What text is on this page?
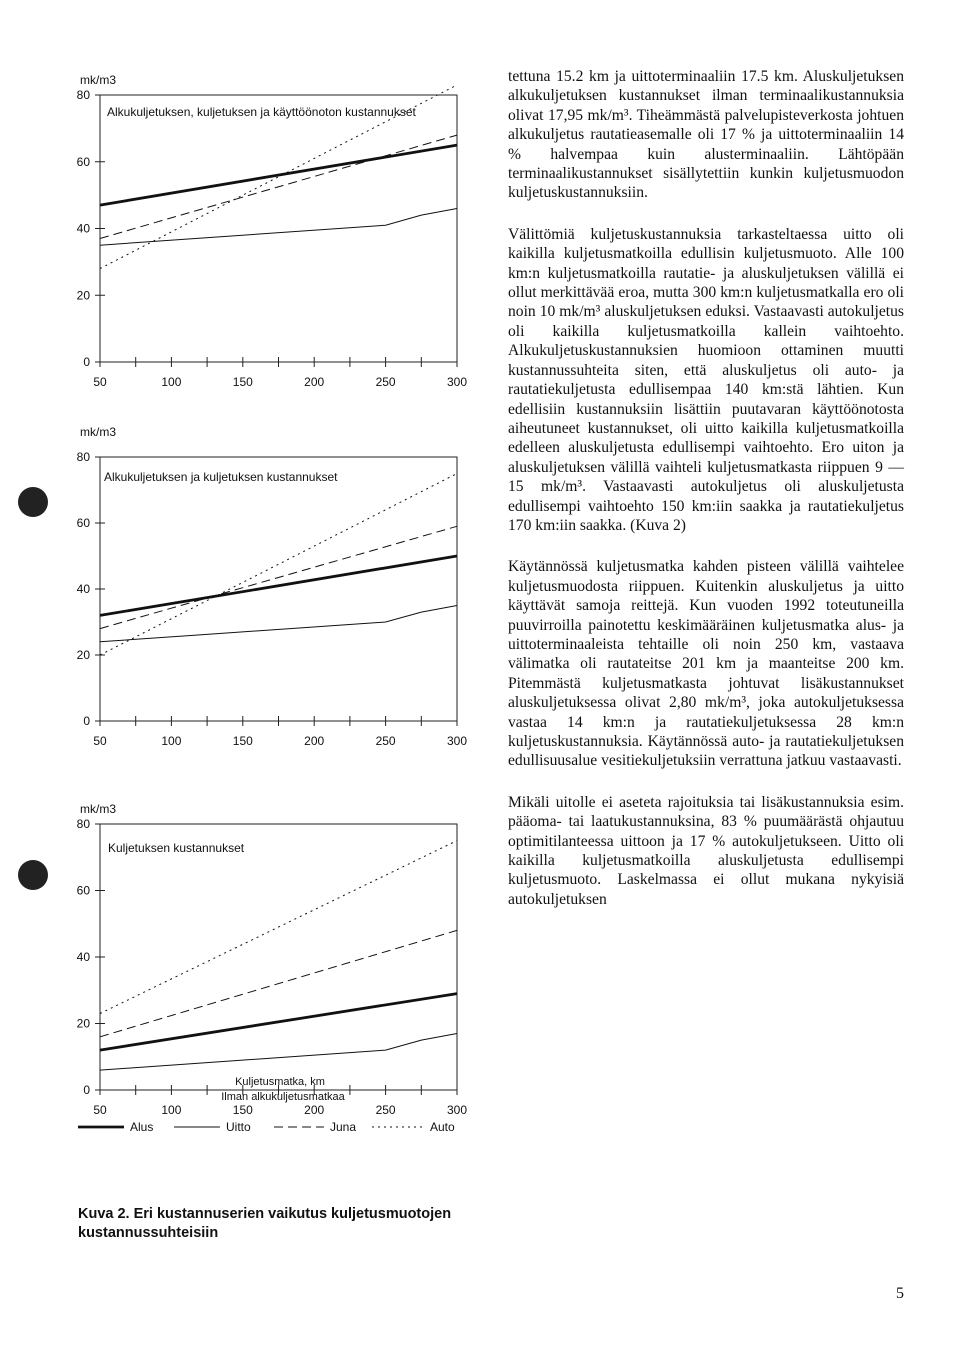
mk/m3
Alkukuljetuksen, kuljetuksen ja käyttöönoton kustannukset
0
20
40
60
80
50	100	150	200	250	300
mk/m3
Alkukuljetuksen ja kuljetuksen kustannukset
0
20
40
60
80
50	100	150	200	250	300
mk/m3
Kuljetuksen kustannukset
0
20
40
60
80
50	100	150	200	250	300
Kuljetusmatka, km
Ilman alkukuljetusmatkaa
Alus	Uitto	Juna	Auto
Kuva 2. Eri kustannuserien vaikutus kuljetusmuotojen kustannussuhteisiin

tettuna 15.2 km ja uittoterminaaliin 17.5 km. Aluskuljetuksen alkukuljetuksen kustannukset ilman terminaalikustannuksia olivat 17,95 mk/m³. Tiheämmästä palvelupisteverkosta johtuen alkukuljetus rautatieasemalle oli 17 % ja uittoterminaaliin 14 % halvempaa kuin alusterminaaliin. Lähtöpään terminaalikustannukset sisällytettiin kunkin kuljetusmuodon kuljetuskustannuksiin.

Välittömiä kuljetuskustannuksia tarkasteltaessa uitto oli kaikilla kuljetusmatkoilla edullisin kuljetusmuoto. Alle 100 km:n kuljetusmatkoilla rautatie- ja aluskuljetuksen välillä ei ollut merkittävää eroa, mutta 300 km:n kuljetusmatkalla ero oli noin 10 mk/m³ aluskuljetuksen eduksi. Vastaavasti autokuljetus oli kaikilla kuljetusmatkoilla kallein vaihtoehto. Alkukuljetuskustannuksien huomioon ottaminen muutti kustannussuhteita siten, että aluskuljetus oli auto- ja rautatiekuljetusta edullisempaa 140 km:stä lähtien. Kun edellisiin kustannuksiin lisättiin puutavaran käyttöönotosta aiheutuneet kustannukset, oli uitto kaikilla kuljetusmatkoilla edelleen aluskuljetusta edullisempi vaihtoehto. Ero uiton ja aluskuljetuksen välillä vaihteli kuljetusmatkasta riippuen 9 — 15 mk/m³. Vastaavasti autokuljetus oli aluskuljetusta edullisempi vaihtoehto 150 km:iin saakka ja rautatiekuljetus 170 km:iin saakka. (Kuva 2)

Käytännössä kuljetusmatka kahden pisteen välillä vaihtelee kuljetusmuodosta riippuen. Kuitenkin aluskuljetus ja uitto käyttävät samoja reittejä. Kun vuoden 1992 toteutuneilla puuvirroilla painotettu keskimääräinen kuljetusmatka alus- ja uittoterminaaleista tehtaille oli noin 250 km, vastaava välimatka oli rautateitse 201 km ja maanteitse 200 km. Pitemmästä kuljetusmatkasta johtuvat lisäkustannukset aluskuljetuksessa olivat 2,80 mk/m³, joka autokuljetuksessa vastaa 14 km:n ja rautatiekuljetuksessa 28 km:n kuljetuskustannuksia. Käytännössä auto- ja rautatiekuljetuksen edullisuusalue vesitiekuljetuksiin verrattuna jatkuu vastaavasti.

Mikäli uitolle ei aseteta rajoituksia tai lisäkustannuksia esim. pääoma- tai laatukustannuksina, 83 % puumäärästä ohjautuu optimitilanteessa uittoon ja 17 % autokuljetukseen. Uitto oli kaikilla kuljetusmatkoilla aluskuljetusta edullisempi kuljetusmuoto. Laskelmassa ei ollut mukana nykyisiä autokuljetuksen

5
